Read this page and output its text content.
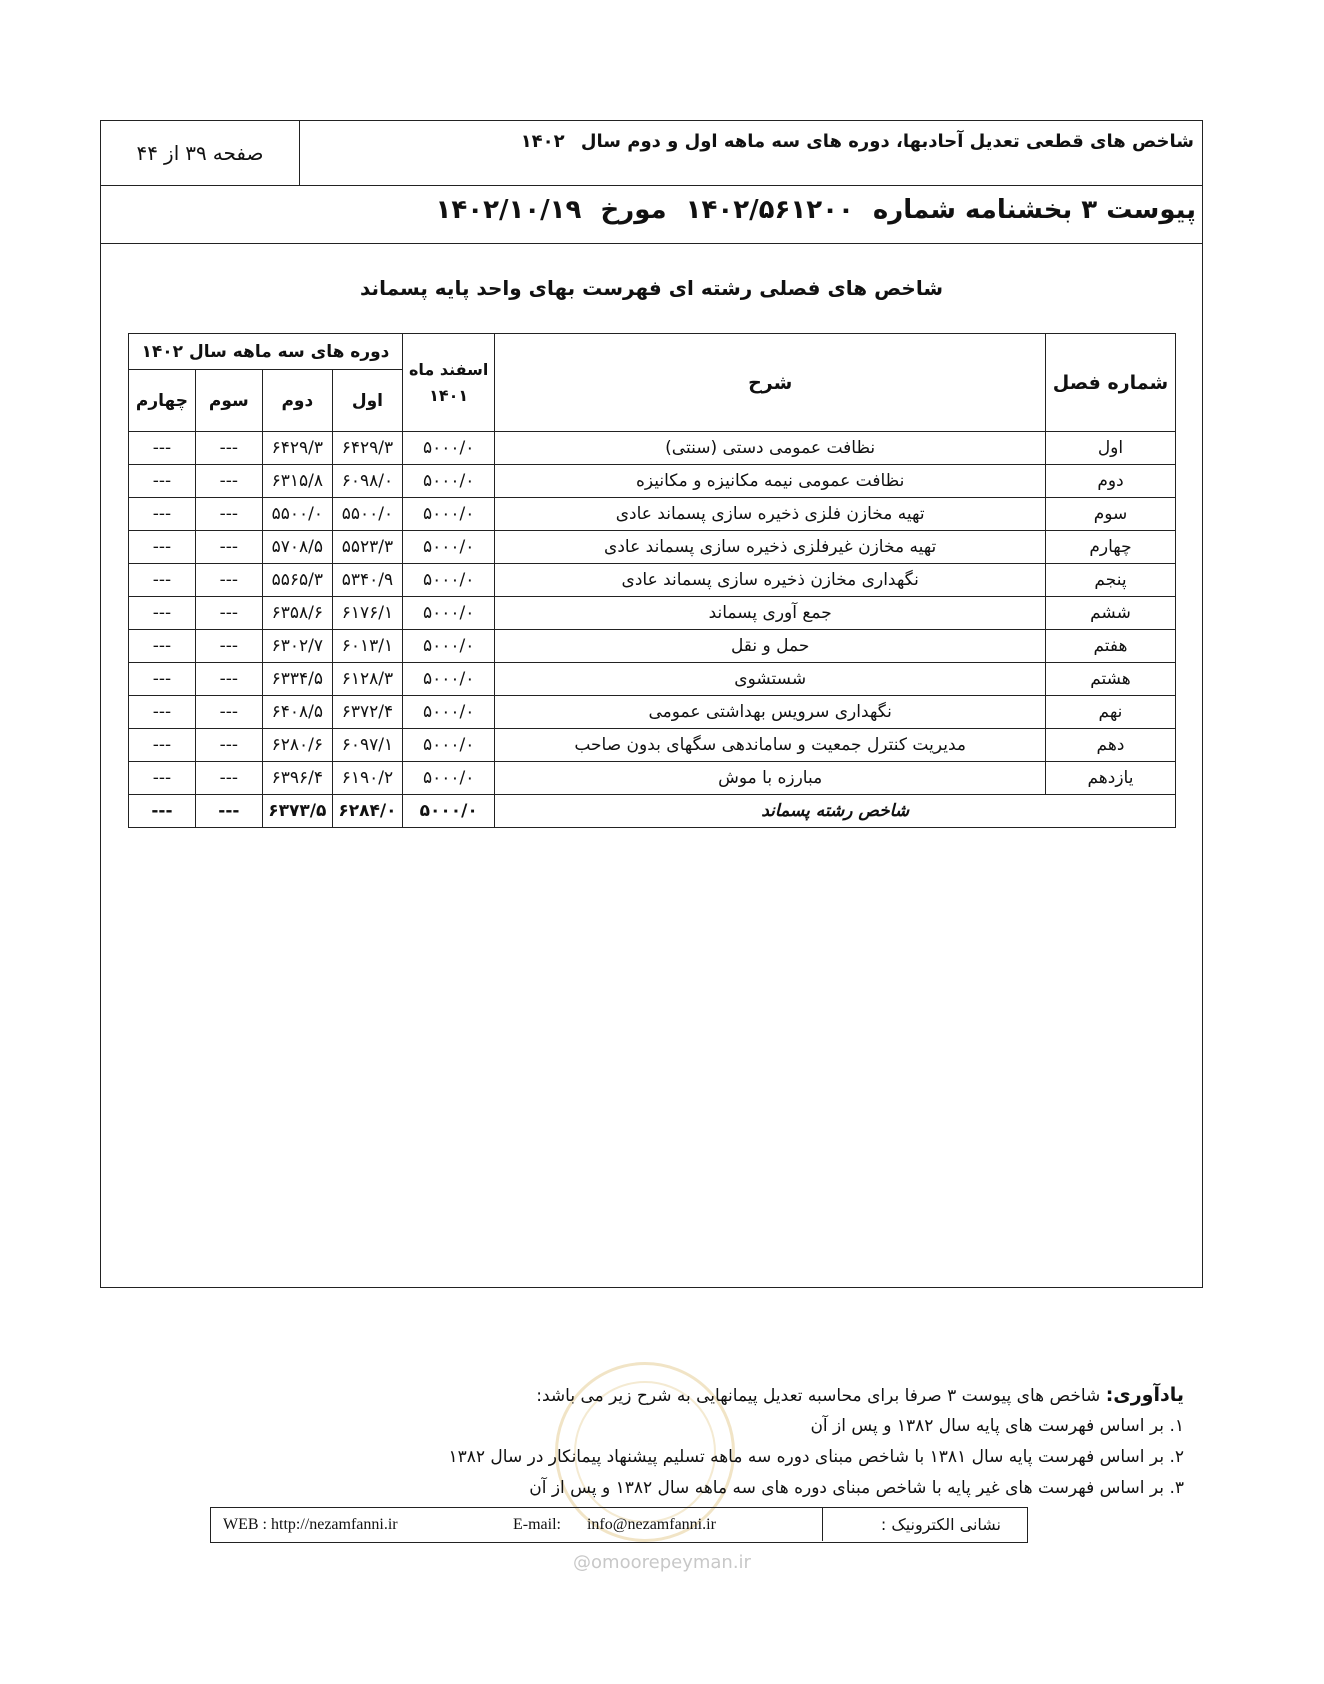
شاخص های قطعی تعدیل آحادبها، دوره های سه ماهه اول و دوم سال ۱۴۰۲
صفحه
۳۹
از
۴۴
پیوست ۳ بخشنامه شماره ۱۴۰۲/۵۶۱۲۰۰ مورخ ۱۴۰۲/۱۰/۱۹
شاخص های فصلی رشته ای فهرست بهای واحد پایه پسماند
شماره فصل	شرح	اسفند ماه
۱۴۰۱	دوره های سه ماهه سال ۱۴۰۲			
			اول	دوم	سوم	چهارم
اول	نظافت عمومی دستی (سنتی)	۵۰۰۰/۰	۶۴۲۹/۳	۶۴۲۹/۳	---	---
دوم	نظافت عمومی نیمه مکانیزه و مکانیزه	۵۰۰۰/۰	۶۰۹۸/۰	۶۳۱۵/۸	---	---
سوم	تهیه مخازن فلزی ذخیره سازی پسماند عادی	۵۰۰۰/۰	۵۵۰۰/۰	۵۵۰۰/۰	---	---
چهارم	تهیه مخازن غیرفلزی ذخیره سازی پسماند عادی	۵۰۰۰/۰	۵۵۲۳/۳	۵۷۰۸/۵	---	---
پنجم	نگهداری مخازن ذخیره سازی پسماند عادی	۵۰۰۰/۰	۵۳۴۰/۹	۵۵۶۵/۳	---	---
ششم	جمع آوری پسماند	۵۰۰۰/۰	۶۱۷۶/۱	۶۳۵۸/۶	---	---
هفتم	حمل و نقل	۵۰۰۰/۰	۶۰۱۳/۱	۶۳۰۲/۷	---	---
هشتم	شستشوی	۵۰۰۰/۰	۶۱۲۸/۳	۶۳۳۴/۵	---	---
نهم	نگهداری سرویس بهداشتی عمومی	۵۰۰۰/۰	۶۳۷۲/۴	۶۴۰۸/۵	---	---
دهم	مدیریت کنترل جمعیت و ساماندهی سگهای بدون صاحب	۵۰۰۰/۰	۶۰۹۷/۱	۶۲۸۰/۶	---	---
یازدهم	مبارزه با موش	۵۰۰۰/۰	۶۱۹۰/۲	۶۳۹۶/۴	---	---
شاخص رشته پسماند		۵۰۰۰/۰	۶۲۸۴/۰	۶۳۷۳/۵	---	---
یادآوری: شاخص های پیوست ۳ صرفا برای محاسبه تعدیل پیمانهایی به شرح زیر می باشد:
۱. بر اساس فهرست های پایه سال ۱۳۸۲ و پس از آن
۲. بر اساس فهرست پایه سال ۱۳۸۱ با شاخص مبنای دوره سه ماهه تسلیم پیشنهاد پیمانکار در سال ۱۳۸۲
۳. بر اساس فهرست های غیر پایه با شاخص مبنای دوره های سه ماهه سال ۱۳۸۲ و پس از آن
نشانی الکترونیک :
E-mail: info@nezamfanni.ir
WEB : http://nezamfanni.ir
@omoorepeyman.ir
